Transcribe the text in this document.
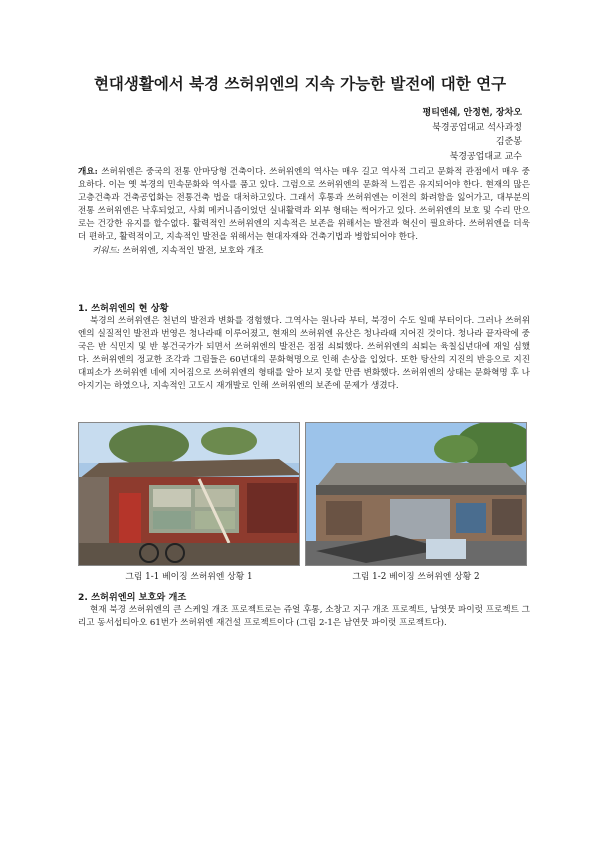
현대생활에서 북경 쓰허위엔의 지속 가능한 발전에 대한 연구
평티엔쉐, 안정현, 장차오
북경공업대교 석사과정
김준봉
북경공업대교 교수
개요: 쓰허위엔은 중국의 전통 안마당형 건축이다. 쓰허위엔의 역사는 매우 길고 역사적 그리고 문화적 관점에서 매우 중요하다. 이는 옛 북경의 민속문화와 역사를 품고 있다. 그럼으로 쓰허위엔의 문화적 느낌은 유지되어야 한다. 현재의 많은 고층건축과 건축공업화는 전통건축 법을 대처하고있다. 그래서 후통과 쓰허위엔는 이전의 화려함을 잃어가고, 대부분의 전통 쓰허위엔은 낙후되었고, 사회 메커니즘이었던 실내활력과 외부 형태는 썩어가고 있다. 쓰허위엔의 보호 및 수리 만으로는 건강한 유지를 할수없다. 활력적인 쓰허위엔의 지속적은 보존을 위해서는 발전과 혁신이 필요하다. 쓰허위엔을 더욱더 편하고, 활력적이고, 지속적인 발전을 위해서는 현대자재와 건축기법과 병합되어야 한다.
키워드: 쓰허위엔, 지속적인 발전, 보호와 개조
1. 쓰허위엔의 현 상황

북경의 쓰허위엔은 천년의 발전과 변화를 경험했다. 그역사는 원나라 부터, 북경이 수도 일때 부터이다. 그러나 쓰허위엔의 실질적인 발전과 번영은 청나라때 이루어졌고, 현재의 쓰허위엔 유산은 청나라때 지어진 것이다. 청나라 끝자락에 중국은 반 식민지 및 반 봉건국가가 되면서 쓰허위엔의 발전은 점점 쇠퇴했다. 쓰허위엔의 쇠퇴는 육칠십년대에 재일 심했다. 쓰허위엔의 정교한 조각과 그림들은 60년대의 문화혁명으로 인해 손상을 입었다. 또한 탕산의 지진의 반응으로 지진 대피소가 쓰허위엔 네에 지어짐으로 쓰허위엔의 형태를 알아 보지 못할 만큼 변화했다. 쓰허위엔의 상태는 문화혁명 후 나아지기는 하였으나, 지속적인 고도시 재개발로 인해 쓰허위엔의 보존에 문제가 생겼다.

그림 1-1 베이징 쓰허위엔 상황 1	그림 1-2 베이징 쓰허위엔 상황 2
2. 쓰허위엔의 보호와 개조

현재 북경 쓰허위엔의 큰 스케일 개조 프로젝트로는 쥬얼 후통, 소창고 지구 개조 프로젝트, 남엿뭇 파이럿 프로젝트 그리고 동서섭티아오 61번가 쓰허위엔 재건설 프로젝트이다 (그림 2-1은 남연뭇 파이럿 프로젝트다).
